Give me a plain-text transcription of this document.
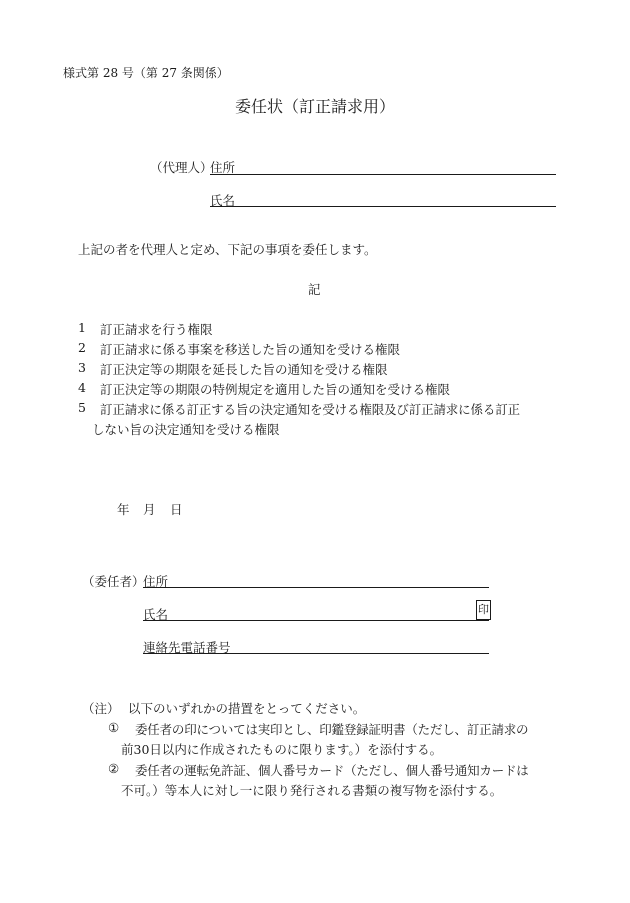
様式第 28 号（第 27 条関係）
委任状（訂正請求用）
（代理人）
住所
氏名
上記の者を代理人と定め、下記の事項を委任します。
記
1 訂正請求を行う権限
2 訂正請求に係る事案を移送した旨の通知を受ける権限
3 訂正決定等の期限を延長した旨の通知を受ける権限
4 訂正決定等の期限の特例規定を適用した旨の通知を受ける権限
5 訂正請求に係る訂正する旨の決定通知を受ける権限及び訂正請求に係る訂正
しない旨の決定通知を受ける権限
年 月 日
（委任者）
住所
氏名	印
連絡先電話番号
（注） 以下のいずれかの措置をとってください。
① 委任者の印については実印とし、印鑑登録証明書（ただし、訂正請求の
前30日以内に作成されたものに限ります。）を添付する。
② 委任者の運転免許証、個人番号カード（ただし、個人番号通知カードは
不可。）等本人に対し一に限り発行される書類の複写物を添付する。
